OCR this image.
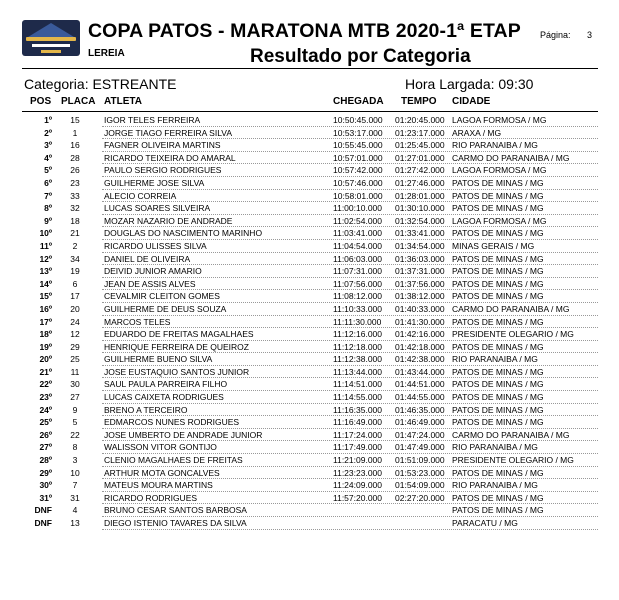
COPA PATOS - MARATONA MTB 2020-1ª ETAP Página: 3
LEREIA	Resultado por Categoria
Categoria: ESTREANTE	Hora Largada: 09:30
POS PLACA ATLETA	CHEGADA TEMPO CIDADE
1º	15	IGOR TELES FERREIRA	10:50:45.000 01:20:45.000 LAGOA FORMOSA / MG
2º	1	JORGE TIAGO FERREIRA SILVA	10:53:17.000 01:23:17.000 ARAXA / MG
3º	16	FAGNER OLIVEIRA MARTINS	10:55:45.000 01:25:45.000 RIO PARANAIBA / MG
4º	28	RICARDO TEIXEIRA DO AMARAL	10:57:01.000 01:27:01.000 CARMO DO PARANAIBA / MG
5º	26	PAULO SERGIO RODRIGUES	10:57:42.000 01:27:42.000 LAGOA FORMOSA / MG
6º	23	GUILHERME JOSE SILVA	10:57:46.000 01:27:46.000 PATOS DE MINAS / MG
7º	33	ALECIO CORREIA	10:58:01.000 01:28:01.000 PATOS DE MINAS / MG
8º	32	LUCAS SOARES SILVEIRA	11:00:10.000 01:30:10.000 PATOS DE MINAS / MG
9º	18	MOZAR NAZARIO DE ANDRADE	11:02:54.000 01:32:54.000 LAGOA FORMOSA / MG
10º	21	DOUGLAS DO NASCIMENTO MARINHO	11:03:41.000 01:33:41.000 PATOS DE MINAS / MG
11º	2	RICARDO ULISSES SILVA	11:04:54.000 01:34:54.000 MINAS GERAIS / MG
12º	34	DANIEL DE OLIVEIRA	11:06:03.000 01:36:03.000 PATOS DE MINAS / MG
13º	19	DEIVID JUNIOR AMARIO	11:07:31.000 01:37:31.000 PATOS DE MINAS / MG
14º	6	JEAN DE ASSIS ALVES	11:07:56.000 01:37:56.000 PATOS DE MINAS / MG
15º	17	CEVALMIR CLEITON GOMES	11:08:12.000 01:38:12.000 PATOS DE MINAS / MG
16º	20	GUILHERME DE DEUS SOUZA	11:10:33.000 01:40:33.000 CARMO DO PARANAIBA / MG
17º	24	MARCOS TELES	11:11:30.000 01:41:30.000 PATOS DE MINAS / MG
18º	12	EDUARDO DE FREITAS MAGALHAES	11:12:16.000 01:42:16.000 PRESIDENTE OLEGARIO / MG
19º	29	HENRIQUE FERREIRA DE QUEIROZ	11:12:18.000 01:42:18.000 PATOS DE MINAS / MG
20º	25	GUILHERME BUENO SILVA	11:12:38.000 01:42:38.000 RIO PARANAIBA / MG
21º	11	JOSE EUSTAQUIO SANTOS JUNIOR	11:13:44.000 01:43:44.000 PATOS DE MINAS / MG
22º	30	SAUL PAULA PARREIRA FILHO	11:14:51.000 01:44:51.000 PATOS DE MINAS / MG
23º	27	LUCAS CAIXETA RODRIGUES	11:14:55.000 01:44:55.000 PATOS DE MINAS / MG
24º	9	BRENO A TERCEIRO	11:16:35.000 01:46:35.000 PATOS DE MINAS / MG
25º	5	EDMARCOS NUNES RODRIGUES	11:16:49.000 01:46:49.000 PATOS DE MINAS / MG
26º	22	JOSE UMBERTO DE ANDRADE JUNIOR	11:17:24.000 01:47:24.000 CARMO DO PARANAIBA / MG
27º	8	WALISSON VITOR GONTIJO	11:17:49.000 01:47:49.000 RIO PARANAIBA / MG
28º	3	CLENIO MAGALHAES DE FREITAS	11:21:09.000 01:51:09.000 PRESIDENTE OLEGARIO / MG
29º	10	ARTHUR MOTA GONCALVES	11:23:23.000 01:53:23.000 PATOS DE MINAS / MG
30º	7	MATEUS MOURA MARTINS	11:24:09.000 01:54:09.000 RIO PARANAIBA / MG
31º	31	RICARDO RODRIGUES	11:57:20.000 02:27:20.000 PATOS DE MINAS / MG
DNF	4	BRUNO CESAR SANTOS BARBOSA	PATOS DE MINAS / MG
DNF	13	DIEGO ISTENIO TAVARES DA SILVA	PARACATU / MG
